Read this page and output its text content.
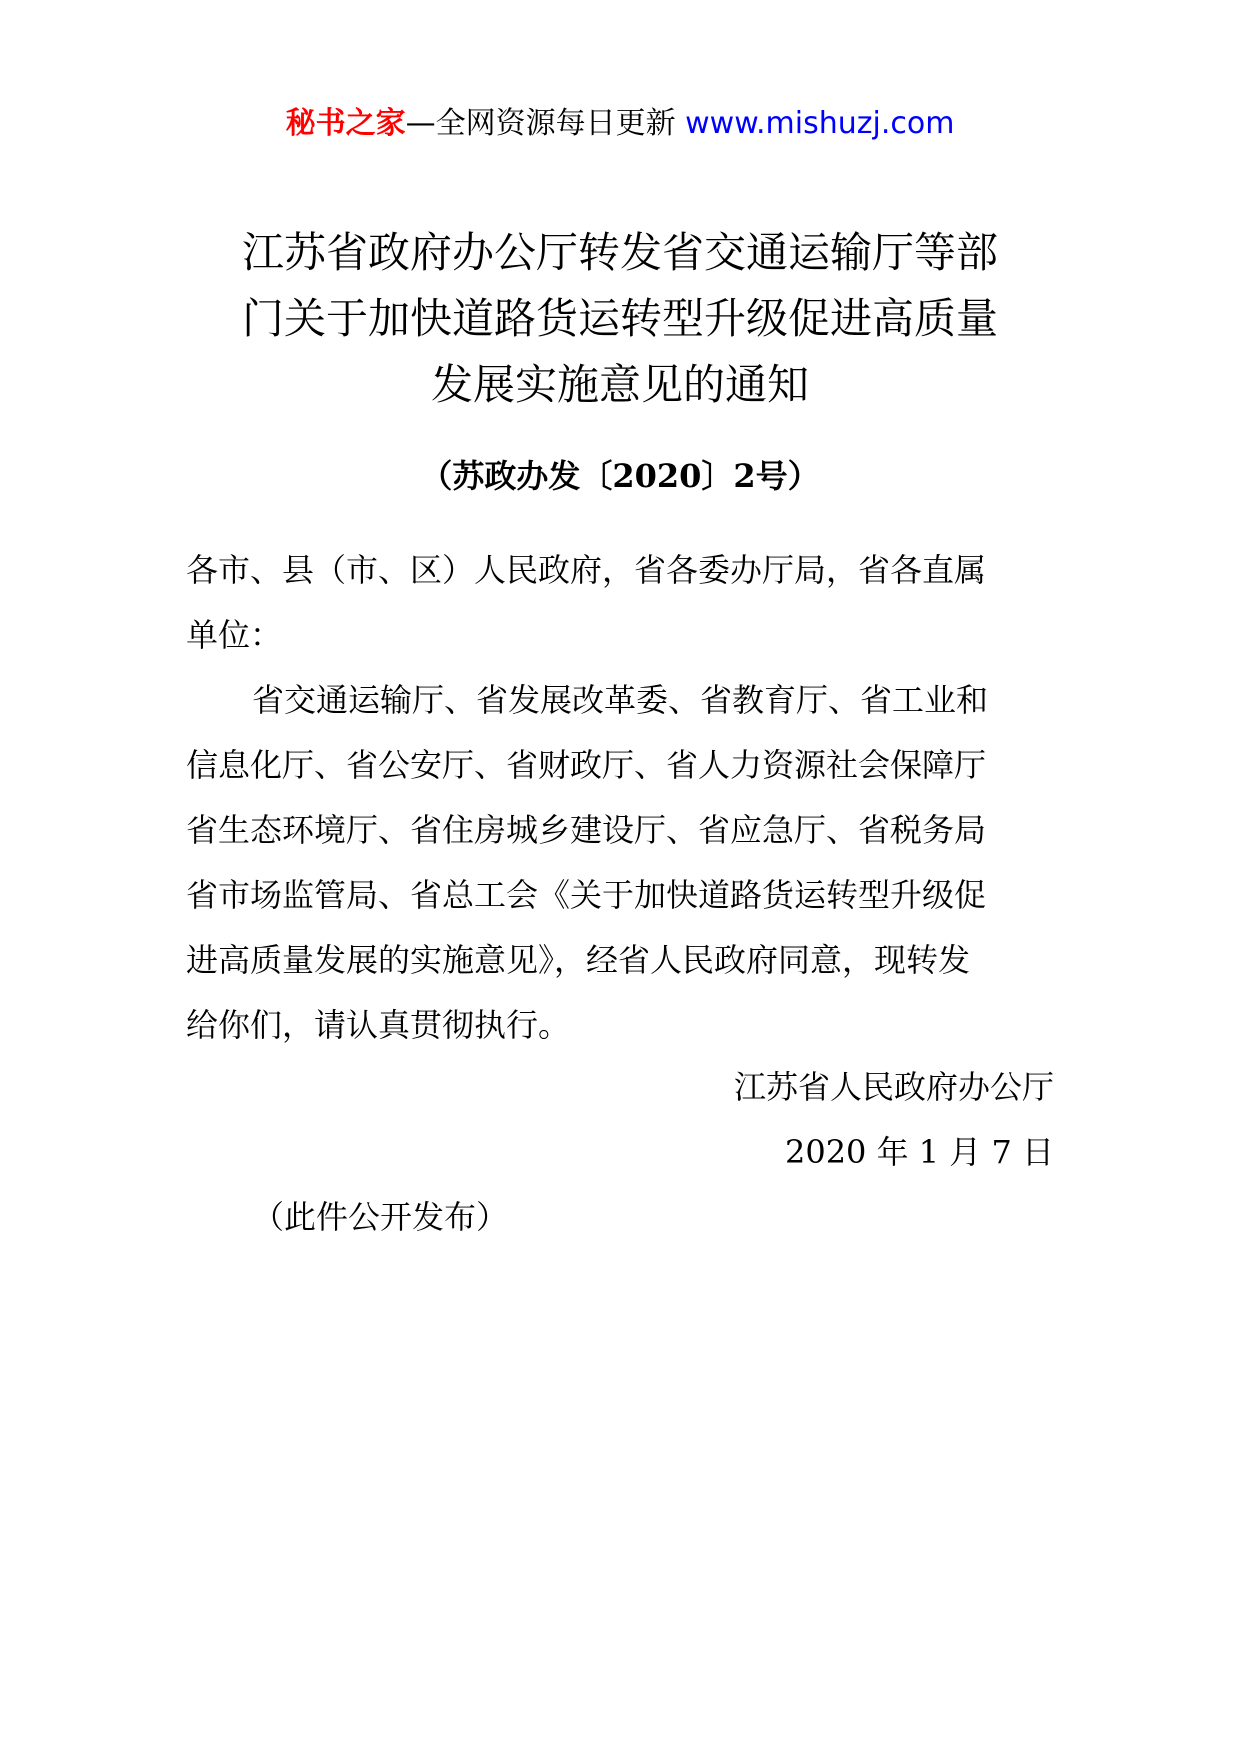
秘书之家—全网资源每日更新 www.mishuzj.com
江苏省政府办公厅转发省交通运输厅等部
门关于加快道路货运转型升级促进高质量
发展实施意见的通知
（苏政办发〔2020〕2号）
各市、县（市、区）人民政府，省各委办厅局，省各直属
单位：
省交通运输厅、省发展改革委、省教育厅、省工业和
信息化厅、省公安厅、省财政厅、省人力资源社会保障厅
省生态环境厅、省住房城乡建设厅、省应急厅、省税务局
省市场监管局、省总工会《关于加快道路货运转型升级促
进高质量发展的实施意见》，经省人民政府同意，现转发
给你们，请认真贯彻执行。
江苏省人民政府办公厅
2020 年 1 月 7 日
（此件公开发布）
